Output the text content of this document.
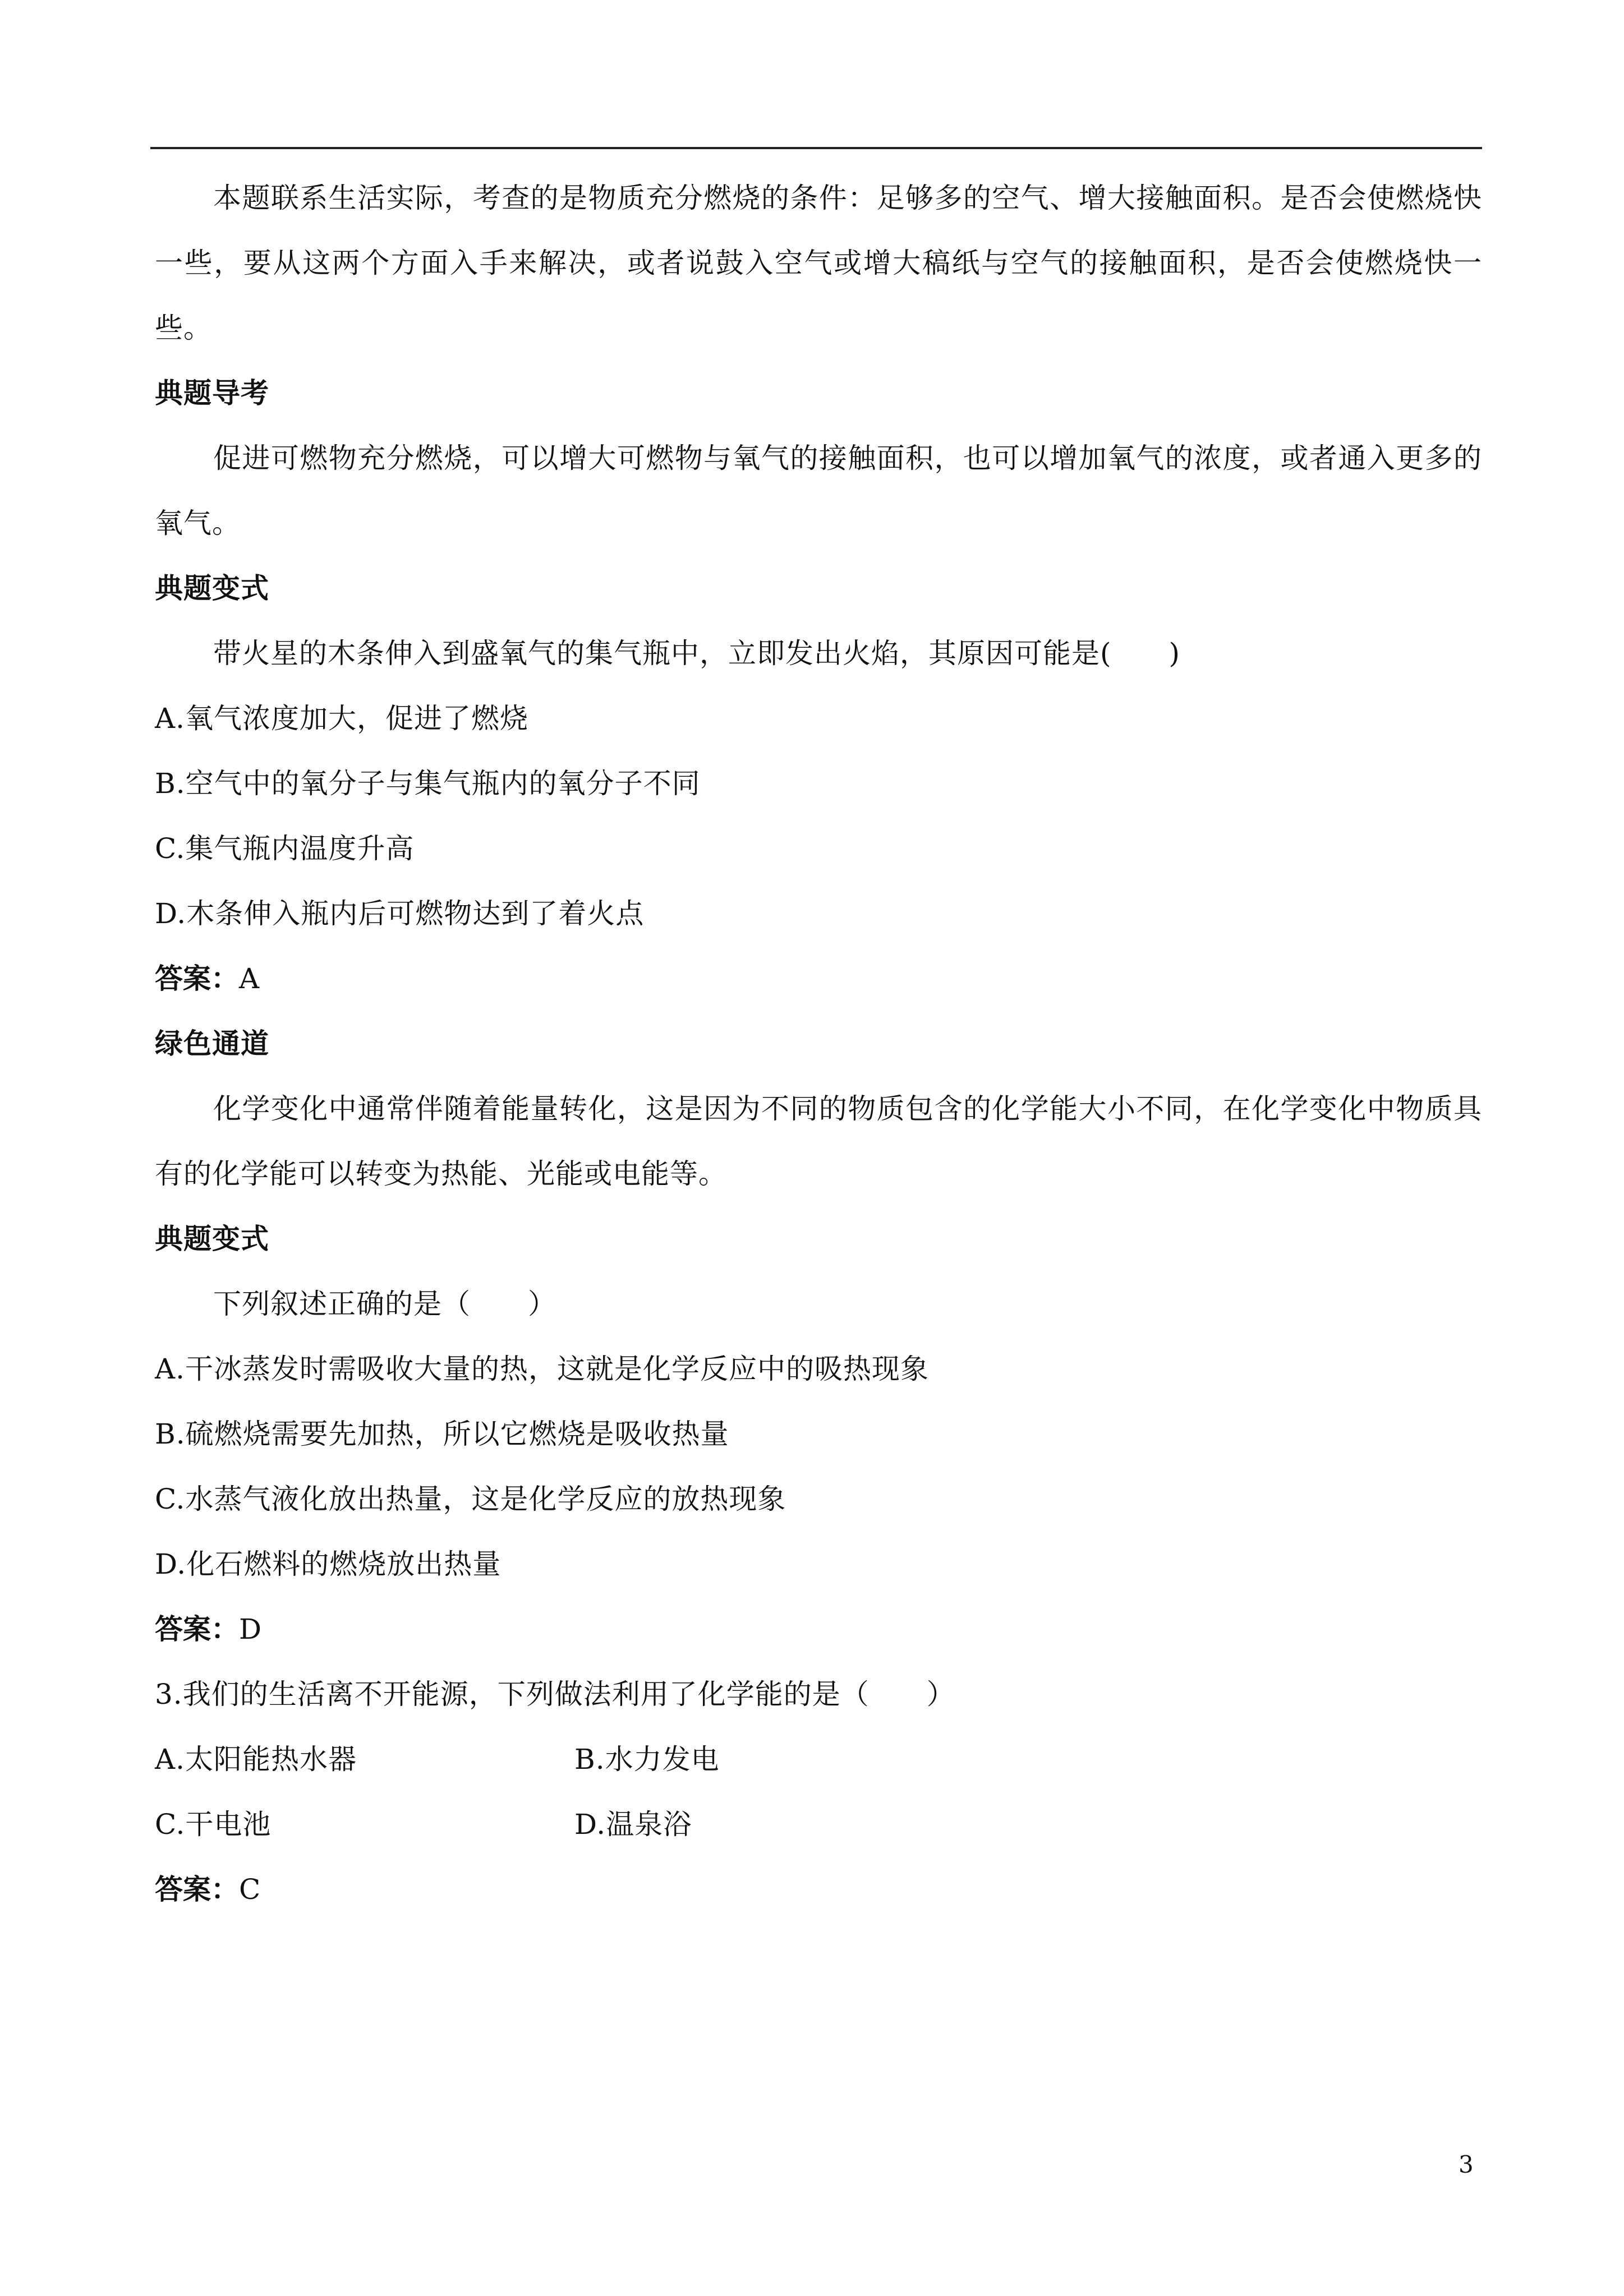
本题联系生活实际，考查的是物质充分燃烧的条件：足够多的空气、增大接触面积。是否会使燃烧快一些，要从这两个方面入手来解决，或者说鼓入空气或增大稿纸与空气的接触面积，是否会使燃烧快一些。

典题导考

促进可燃物充分燃烧，可以增大可燃物与氧气的接触面积，也可以增加氧气的浓度，或者通入更多的氧气。

典题变式

带火星的木条伸入到盛氧气的集气瓶中，立即发出火焰，其原因可能是(　　)

A.氧气浓度加大，促进了燃烧

B.空气中的氧分子与集气瓶内的氧分子不同

C.集气瓶内温度升高

D.木条伸入瓶内后可燃物达到了着火点

答案：A

绿色通道

化学变化中通常伴随着能量转化，这是因为不同的物质包含的化学能大小不同，在化学变化中物质具有的化学能可以转变为热能、光能或电能等。

典题变式

下列叙述正确的是（　　）

A.干冰蒸发时需吸收大量的热，这就是化学反应中的吸热现象

B.硫燃烧需要先加热，所以它燃烧是吸收热量

C.水蒸气液化放出热量，这是化学反应的放热现象

D.化石燃料的燃烧放出热量

答案：D

3.我们的生活离不开能源，下列做法利用了化学能的是（　　）

A.太阳能热水器	B.水力发电
C.干电池	D.温泉浴

答案：C

3
